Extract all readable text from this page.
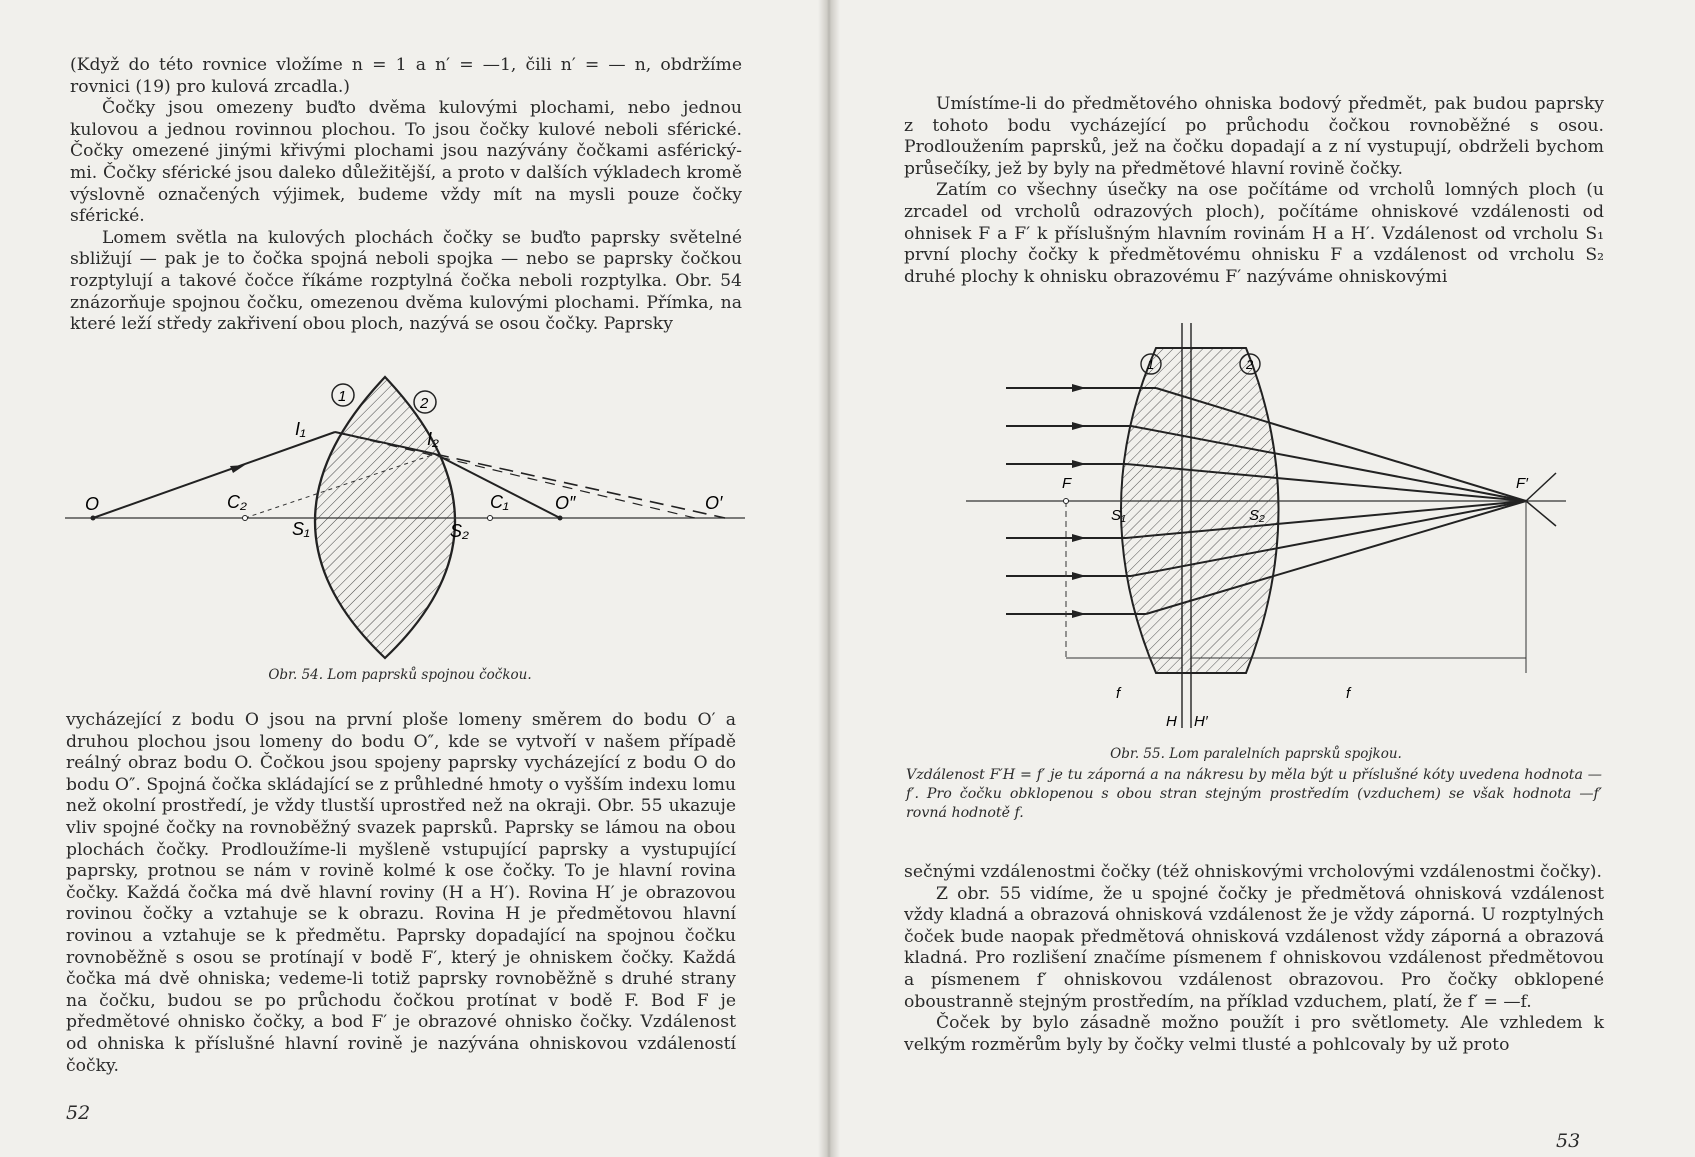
(Když do této rovnice vložíme n = 1 a n′ = —1, čili n′ = — n, obdržíme rovnici (19) pro kulová zrcadla.)

Čočky jsou omezeny buďto dvěma kulovými plochami, nebo jednou kulovou a jednou rovinnou plochou. To jsou čočky kulové neboli sférické. Čočky omezené jinými křivými plochami jsou nazývány čočkami asférický-mi. Čočky sférické jsou daleko důležitější, a proto v dalších výkladech kromě výslovně označených výjimek, budeme vždy mít na mysli pouze čočky sférické.

Lomem světla na kulových plochách čočky se buďto paprsky světelné sbližují — pak je to čočka spojná neboli spojka — nebo se paprsky čočkou rozptylují a takové čočce říkáme rozptylná čočka neboli rozptylka. Obr. 54 znázorňuje spojnou čočku, omezenou dvěma kulovými plochami. Přímka, na které leží středy zakřivení obou ploch, nazývá se osou čočky. Paprsky

O
I₁	I₂
C₂	C₁
S₁	S₂
O″	O′
1	2
Obr. 54. Lom paprsků spojnou čočkou.

vycházející z bodu O jsou na první ploše lomeny směrem do bodu O′ a druhou plochou jsou lomeny do bodu O″, kde se vytvoří v našem případě reálný obraz bodu O. Čočkou jsou spojeny paprsky vycházející z bodu O do bodu O″. Spojná čočka skládající se z průhledné hmoty o vyšším indexu lomu než okolní prostředí, je vždy tlustší uprostřed než na okraji. Obr. 55 ukazuje vliv spojné čočky na rovnoběžný svazek paprsků. Paprsky se lámou na obou plochách čočky. Prodloužíme-li myšleně vstupující paprsky a vystupující paprsky, protnou se nám v rovině kolmé k ose čočky. To je hlavní rovina čočky. Každá čočka má dvě hlavní roviny (H a H′). Rovina H′ je obrazovou rovinou čočky a vztahuje se k obrazu. Rovina H je předmětovou hlavní rovinou a vztahuje se k předmětu. Paprsky dopadající na spojnou čočku rovnoběžně s osou se protínají v bodě F′, který je ohniskem čočky. Každá čočka má dvě ohniska; vedeme-li totiž paprsky rovnoběžně s druhé strany na čočku, budou se po průchodu čočkou protínat v bodě F. Bod F je předmětové ohnisko čočky, a bod F′ je obrazové ohnisko čočky. Vzdálenost od ohniska k příslušné hlavní rovině je nazývána ohniskovou vzdáleností čočky.

52

Umístíme-li do předmětového ohniska bodový předmět, pak budou paprsky z tohoto bodu vycházející po průchodu čočkou rovnoběžné s osou. Prodloužením paprsků, jež na čočku dopadají a z ní vystupují, obdrželi bychom průsečíky, jež by byly na předmětové hlavní rovině čočky.

Zatím co všechny úsečky na ose počítáme od vrcholů lomných ploch (u zrcadel od vrcholů odrazových ploch), počítáme ohniskové vzdálenosti od ohnisek F a F′ k příslušným hlavním rovinám H a H′. Vzdálenost od vrcholu S₁ první plochy čočky k předmětovému ohnisku F a vzdálenost od vrcholu S₂ druhé plochy k ohnisku obrazovému F′ nazýváme ohniskovými

F	F′
S₁	S₂
H H′
f	f
1	2
Obr. 55. Lom paralelních paprsků spojkou.
Vzdálenost F′H = f′ je tu záporná a na nákresu by měla být u příslušné kóty uvedena hodnota —f′. Pro čočku obklopenou s obou stran stejným prostředím (vzduchem) se však hodnota —f′ rovná hodnotě f.

sečnými vzdálenostmi čočky (též ohniskovými vrcholovými vzdálenostmi čočky).

Z obr. 55 vidíme, že u spojné čočky je předmětová ohnisková vzdálenost vždy kladná a obrazová ohnisková vzdálenost že je vždy záporná. U rozptylných čoček bude naopak předmětová ohnisková vzdálenost vždy záporná a obrazová kladná. Pro rozlišení značíme písmenem f ohniskovou vzdálenost předmětovou a písmenem f′ ohniskovou vzdálenost obrazovou. Pro čočky obklopené oboustranně stejným prostředím, na příklad vzduchem, platí, že f′ = —f.

Čoček by bylo zásadně možno použít i pro světlomety. Ale vzhledem k velkým rozměrům byly by čočky velmi tlusté a pohlcovaly by už proto

53
